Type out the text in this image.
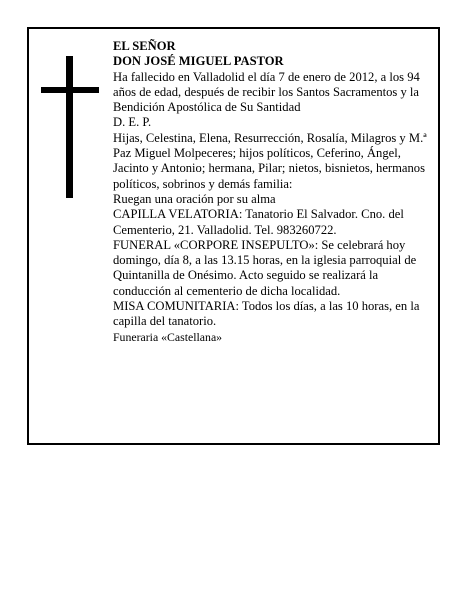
EL SEÑOR

DON JOSÉ MIGUEL PASTOR

Ha fallecido en Valladolid el día 7 de enero de 2012, a los 94 años de edad, después de recibir los Santos Sacramentos y la Bendición Apostólica de Su Santidad

D. E. P.

Hijas, Celestina, Elena, Resurrección, Rosalía, Milagros y M.ª Paz Miguel Molpeceres; hijos políticos, Ceferino, Ángel, Jacinto y Antonio; hermana, Pilar; nietos, bisnietos, hermanos políticos, sobrinos y demás familia:

Ruegan una oración por su alma

CAPILLA VELATORIA: Tanatorio El Salvador. Cno. del Cementerio, 21. Valladolid. Tel. 983260722.

FUNERAL «CORPORE INSEPULTO»: Se celebrará hoy domingo, día 8, a las 13.15 horas, en la iglesia parroquial de Quintanilla de Onésimo. Acto seguido se realizará la conducción al cementerio de dicha localidad.

MISA COMUNITARIA: Todos los días, a las 10 horas, en la capilla del tanatorio.

Funeraria «Castellana»
